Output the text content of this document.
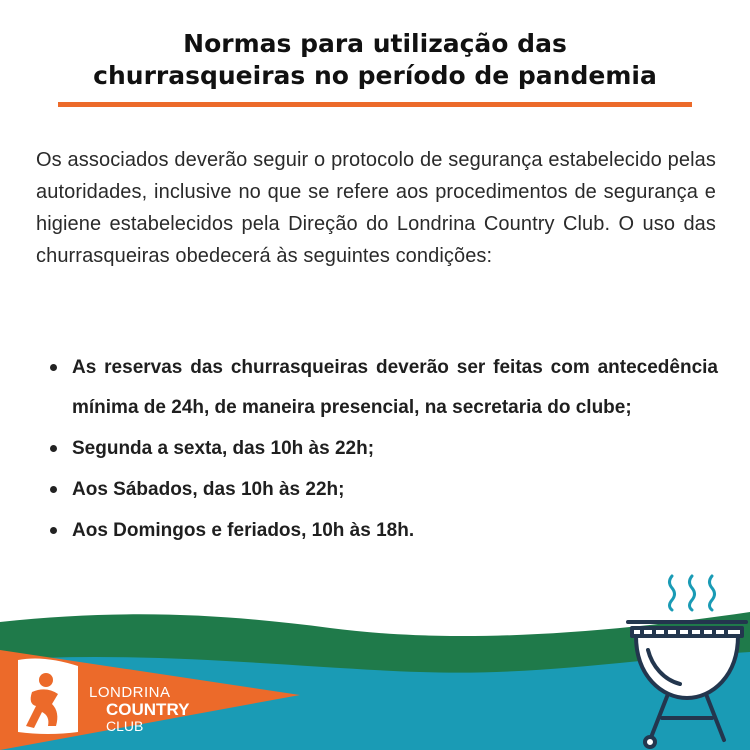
Normas para utilização das
churrasqueiras no período de pandemia
Os associados deverão seguir o protocolo de segurança estabelecido pelas autoridades, inclusive no que se refere aos procedimentos de segurança e higiene estabelecidos pela Direção do Londrina Country Club. O uso das churrasqueiras obedecerá às seguintes condições:
As reservas das churrasqueiras deverão ser feitas com antecedência mínima de 24h, de maneira presencial, na secretaria do clube;
Segunda a sexta, das 10h às 22h;
Aos Sábados, das 10h às 22h;
Aos Domingos e feriados, 10h às 18h.
LONDRINA
COUNTRY
CLUB
